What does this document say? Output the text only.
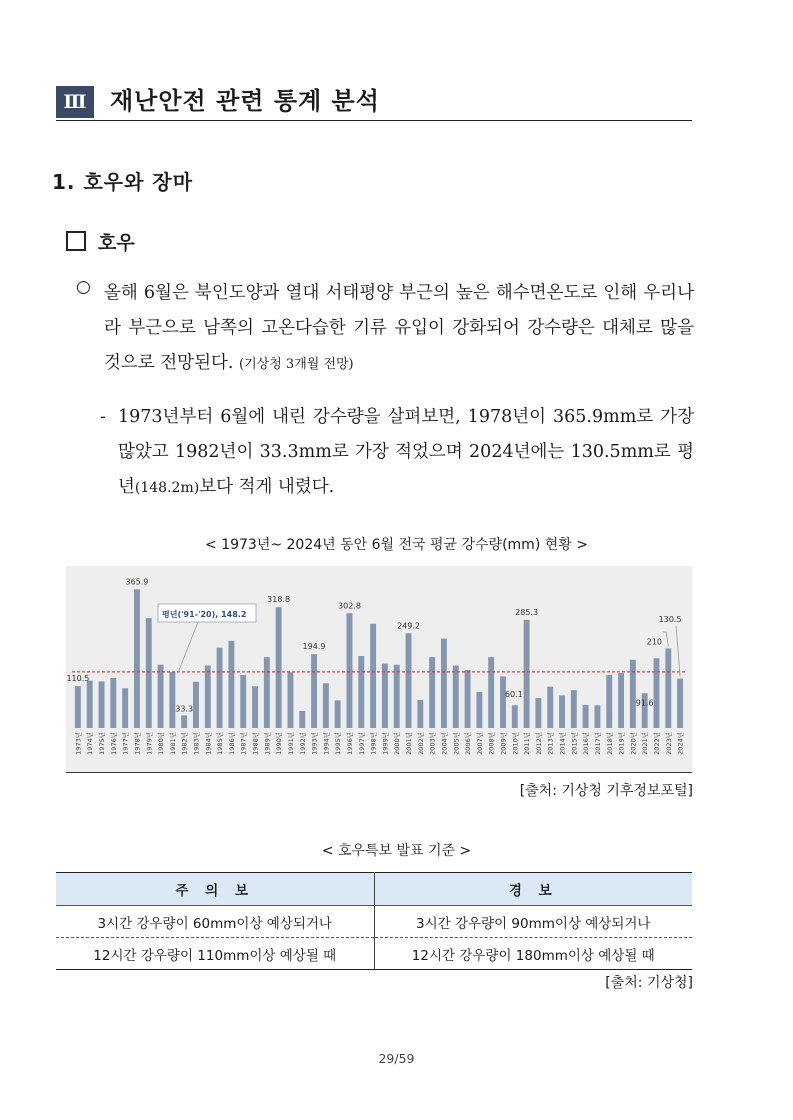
Ⅲ 재난안전 관련 통계 분석
1. 호우와 장마
호우
○ 올해 6월은 북인도양과 열대 서태평양 부근의 높은 해수면온도로 인해 우리나라 부근으로 남쪽의 고온다습한 기류 유입이 강화되어 강수량은 대체로 많을 것으로 전망된다. (기상청 3개월 전망)
- 1973년부터 6월에 내린 강수량을 살펴보면, 1978년이 365.9mm로 가장 많았고 1982년이 33.3mm로 가장 적었으며 2024년에는 130.5mm로 평년(148.2m)보다 적게 내렸다.
< 1973년~ 2024년 동안 6월 전국 평균 강수량(mm) 현황 >
110.5
365.9
33.3
318.8
194.9
302.8
249.2
60.1
285.3
91.6
210
130.5
평년('91-'20), 148.2
1973년 1974년 1975년 1976년 1977년 1978년 1979년 1980년 1981년 1982년 1983년 1984년 1985년 1986년 1987년 1988년 1989년 1990년 1991년 1992년 1993년 1994년 1995년 1996년 1997년 1998년 1999년 2000년 2001년 2002년 2003년 2004년 2005년 2006년 2007년 2008년 2009년 2010년 2011년 2012년 2013년 2014년 2015년 2016년 2017년 2018년 2019년 2020년 2021년 2022년 2023년 2024년
[출처: 기상청 기후정보포털]
< 호우특보 발표 기준 >
주 의 보	경 보
3시간 강우량이 60mm이상 예상되거나	3시간 강우량이 90mm이상 예상되거나
12시간 강우량이 110mm이상 예상될 때	12시간 강우량이 180mm이상 예상될 때
[출처: 기상청]
29/59
